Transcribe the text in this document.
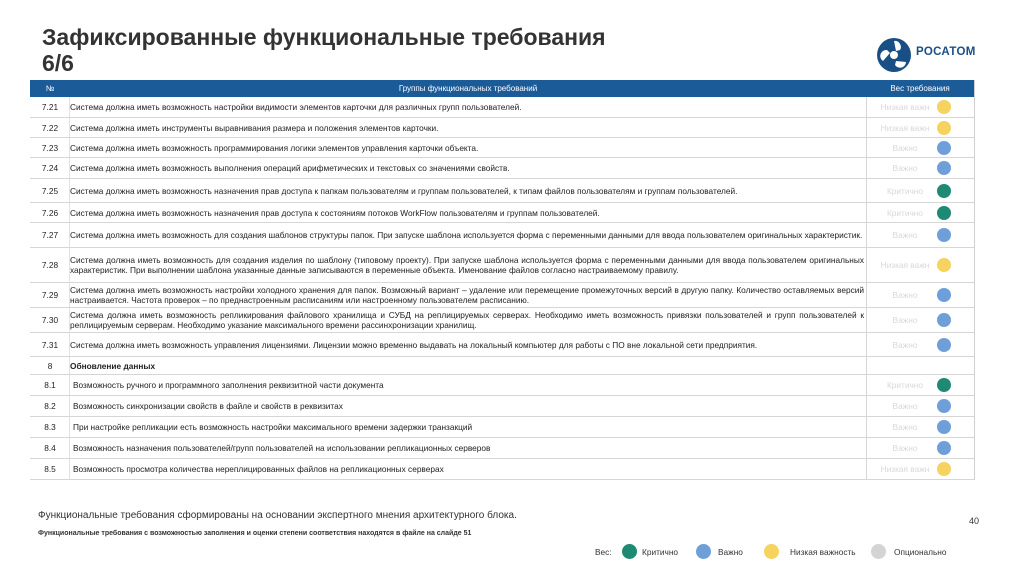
Зафиксированные функциональные требования
6/6	РОСАТОМ
№	Группы функциональных требований	Вес требования
7.21	Система должна иметь возможность настройки видимости элементов карточки для различных групп пользователей.	Низкая важн
7.22	Система должна иметь инструменты выравнивания размера и положения элементов карточки.	Низкая важн
7.23	Система должна иметь возможность программирования логики элементов управления карточки объекта.	Важно
7.24	Система должна иметь возможность выполнения операций арифметических и текстовых со значениями свойств.	Важно
7.25	Система должна иметь возможность назначения прав доступа к папкам пользователям и группам пользователей, к типам файлов пользователям и группам пользователей.	Критично
7.26	Система должна иметь возможность назначения прав доступа к состояниям потоков WorkFlow пользователям и группам пользователей.	Критично
7.27	Система должна иметь возможность для создания шаблонов структуры папок. При запуске шаблона используется форма с переменными данными для ввода пользователем оригинальных характеристик.	Важно
7.28	Система должна иметь возможность для создания изделия по шаблону (типовому проекту). При запуске шаблона используется форма с переменными данными для ввода пользователем оригинальных характеристик. При выполнении шаблона указанные данные записываются в переменные объекта. Именование файлов согласно настраиваемому правилу.	Низкая важн
7.29	Система должна иметь возможность настройки холодного хранения для папок. Возможный вариант – удаление или перемещение промежуточных версий в другую папку. Количество оставляемых версий настраивается. Частота проверок – по преднастроенным расписаниям или настроенному пользователем расписанию.	Важно
7.30	Система должна иметь возможность репликирования файлового хранилища и СУБД на реплицируемых серверах. Необходимо иметь возможность привязки пользователей и групп пользователей к реплицируемым серверам. Необходимо указание максимального времени рассинхронизации хранилищ.	Важно
7.31	Система должна иметь возможность управления лицензиями. Лицензии можно временно выдавать на локальный компьютер для работы с ПО вне локальной сети предприятия.	Важно
8	Обновление данных
8.1	Возможность ручного и программного заполнения реквизитной части документа	Критично
8.2	Возможность синхронизации свойств в файле и свойств в реквизитах	Важно
8.3	При настройке репликации есть возможность настройки максимального времени задержки транзакций	Важно
8.4	Возможность назначения пользователей/групп пользователей на использовании репликационных серверов	Важно
8.5	Возможность просмотра количества нереплицированных файлов на репликационных серверах	Низкая важн
Функциональные требования сформированы на основании экспертного мнения архитектурного блока.
Функциональные требования с возможностью заполнения и оценки степени соответствия находятся в файле на слайде 51
40
Вес:	Критично	Важно	Низкая важность	Опционально
